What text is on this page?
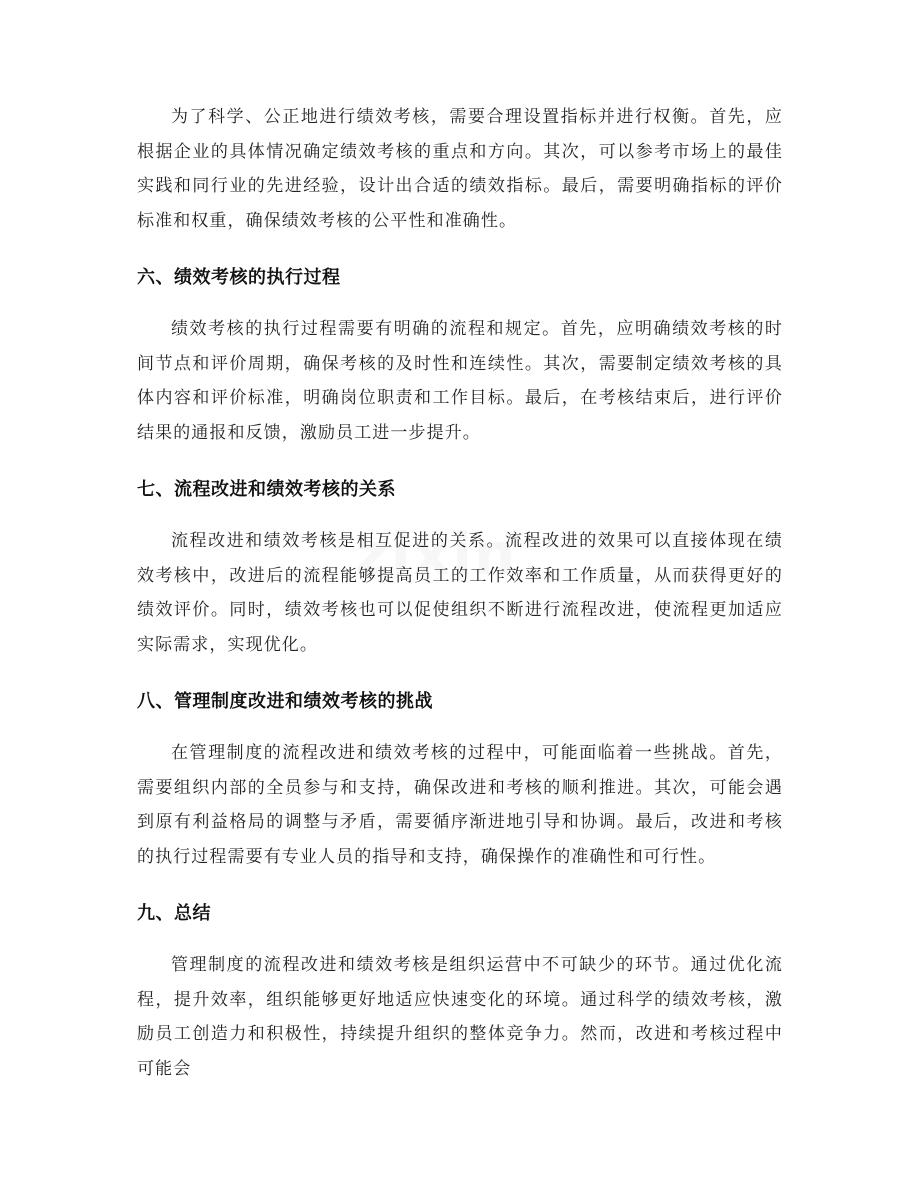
zixin

为了科学、公正地进行绩效考核，需要合理设置指标并进行权衡。首先，应根据企业的具体情况确定绩效考核的重点和方向。其次，可以参考市场上的最佳实践和同行业的先进经验，设计出合适的绩效指标。最后，需要明确指标的评价标准和权重，确保绩效考核的公平性和准确性。

六、绩效考核的执行过程

绩效考核的执行过程需要有明确的流程和规定。首先，应明确绩效考核的时间节点和评价周期，确保考核的及时性和连续性。其次，需要制定绩效考核的具体内容和评价标准，明确岗位职责和工作目标。最后，在考核结束后，进行评价结果的通报和反馈，激励员工进一步提升。

七、流程改进和绩效考核的关系

流程改进和绩效考核是相互促进的关系。流程改进的效果可以直接体现在绩效考核中，改进后的流程能够提高员工的工作效率和工作质量，从而获得更好的绩效评价。同时，绩效考核也可以促使组织不断进行流程改进，使流程更加适应实际需求，实现优化。

八、管理制度改进和绩效考核的挑战

在管理制度的流程改进和绩效考核的过程中，可能面临着一些挑战。首先，需要组织内部的全员参与和支持，确保改进和考核的顺利推进。其次，可能会遇到原有利益格局的调整与矛盾，需要循序渐进地引导和协调。最后，改进和考核的执行过程需要有专业人员的指导和支持，确保操作的准确性和可行性。

九、总结

管理制度的流程改进和绩效考核是组织运营中不可缺少的环节。通过优化流程，提升效率，组织能够更好地适应快速变化的环境。通过科学的绩效考核，激励员工创造力和积极性，持续提升组织的整体竞争力。然而，改进和考核过程中可能会
